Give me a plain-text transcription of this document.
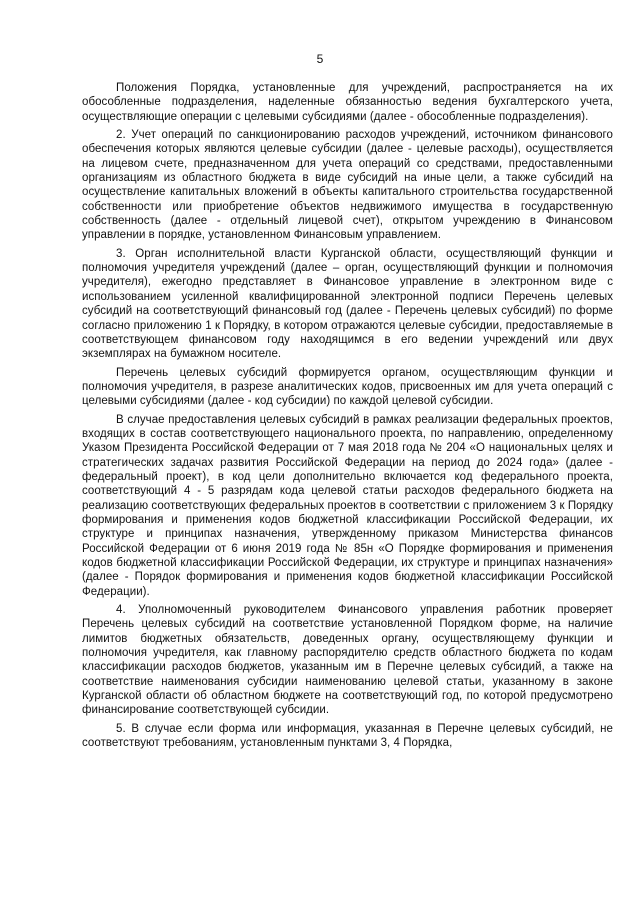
5

Положения Порядка, установленные для учреждений, распространяется на их обособленные подразделения, наделенные обязанностью ведения бухгалтерского учета, осуществляющие операции с целевыми субсидиями (далее - обособленные подразделения).

2. Учет операций по санкционированию расходов учреждений, источником финансового обеспечения которых являются целевые субсидии (далее - целевые расходы), осуществляется на лицевом счете, предназначенном для учета операций со средствами, предоставленными организациям из областного бюджета в виде субсидий на иные цели, а также субсидий на осуществление капитальных вложений в объекты капитального строительства государственной собственности или приобретение объектов недвижимого имущества в государственную собственность (далее - отдельный лицевой счет), открытом учреждению в Финансовом управлении в порядке, установленном Финансовым управлением.

3. Орган исполнительной власти Курганской области, осуществляющий функции и полномочия учредителя учреждений (далее – орган, осуществляющий функции и полномочия учредителя), ежегодно представляет в Финансовое управление в электронном виде с использованием усиленной квалифицированной электронной подписи Перечень целевых субсидий на соответствующий финансовый год (далее - Перечень целевых субсидий) по форме согласно приложению 1 к Порядку, в котором отражаются целевые субсидии, предоставляемые в соответствующем финансовом году находящимся в его ведении учреждений или двух экземплярах на бумажном носителе.

Перечень целевых субсидий формируется органом, осуществляющим функции и полномочия учредителя, в разрезе аналитических кодов, присвоенных им для учета операций с целевыми субсидиями (далее - код субсидии) по каждой целевой субсидии.

В случае предоставления целевых субсидий в рамках реализации федеральных проектов, входящих в состав соответствующего национального проекта, по направлению, определенному Указом Президента Российской Федерации от 7 мая 2018 года № 204 «О национальных целях и стратегических задачах развития Российской Федерации на период до 2024 года» (далее - федеральный проект), в код цели дополнительно включается код федерального проекта, соответствующий 4 - 5 разрядам кода целевой статьи расходов федерального бюджета на реализацию соответствующих федеральных проектов в соответствии с приложением 3 к Порядку формирования и применения кодов бюджетной классификации Российской Федерации, их структуре и принципах назначения, утвержденному приказом Министерства финансов Российской Федерации от 6 июня 2019 года № 85н «О Порядке формирования и применения кодов бюджетной классификации Российской Федерации, их структуре и принципах назначения» (далее - Порядок формирования и применения кодов бюджетной классификации Российской Федерации).

4. Уполномоченный руководителем Финансового управления работник проверяет Перечень целевых субсидий на соответствие установленной Порядком форме, на наличие лимитов бюджетных обязательств, доведенных органу, осуществляющему функции и полномочия учредителя, как главному распорядителю средств областного бюджета по кодам классификации расходов бюджетов, указанным им в Перечне целевых субсидий, а также на соответствие наименования субсидии наименованию целевой статьи, указанному в законе Курганской области об областном бюджете на соответствующий год, по которой предусмотрено финансирование соответствующей субсидии.

5. В случае если форма или информация, указанная в Перечне целевых субсидий, не соответствуют требованиям, установленным пунктами 3, 4 Порядка,
